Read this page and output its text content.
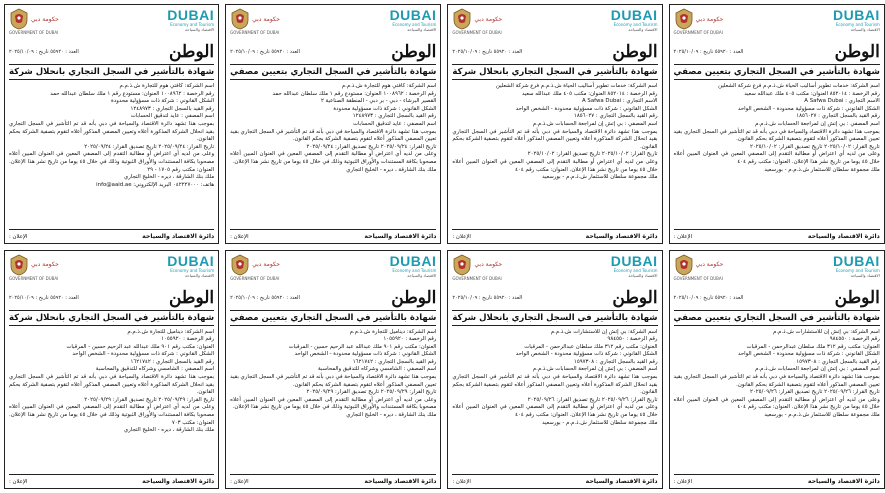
حكومة دبي
GOVERNMENT OF DUBAI
DUBAI
Economy and Tourism
الاقتصاد والسياحة
الوطن
العدد : ٥٥٩٢٠ تاريخ : ٢٠٢٥/١٠/٠٩
شهادة بالتأشير في السجل التجاري بانحلال شركة

اسم الشركة: كافتي هوم للتجارة ش.ذ.م.م

رقم الرخصة : ١٠٠٨٩٦٢ العنوان: مستودع رقم ١ ملك سلطان عبدالله حمد

الشكل القانوني : شركة ذات مسؤولية محدودة

رقم القيد بالسجل التجاري : ١٢٤٨٩٧٣

اسم المصفي : عايد لتدقيق الحسابات

بموجب هذا تشهد دائرة الاقتصاد والسياحة في دبي بأنه قد تم التأشير في السجل التجاري بقيد انحلال الشركة المذكورة أعلاه وتعيين المصفي المذكور أعلاه لتقوم بتصفية الشركة بحكم القانون.

تاريخ القرار: ٢٠٢٥/٠٩/٢٤ تاريخ تصديق القرار: ٢٠٢٥/٠٩/٢٤

وعلى من لديه أي اعتراض أو مطالبة التقدم إلى المصفي المعين في العنوان المبين أعلاه مصحوبا بكافة المستندات والأوراق الثبوتية وذلك في خلال ٤٥ يوما من تاريخ نشر هذا الإعلان. العنوان: مكتب رقم ١٧٠٥ - ٢٩

ملك بنك الشارقة ، ديره - الخليج التجاري

هاتف: ٠٤٢٢٢٧٠٠٠ البريد الإلكتروني: info@aaid.ae

دائرة الاقتصاد والسياحة
الإعلان :
حكومة دبي
GOVERNMENT OF DUBAI
DUBAI
Economy and Tourism
الاقتصاد والسياحة
الوطن
العدد : ٥٥٩٢٠ تاريخ : ٢٠٢٥/١٠/٠٩
شهادة بالتأشير في السجل التجاري بتعيين مصفي

اسم الشركة: كافتي هوم للتجارة ش.ذ.م.م

رقم الرخصة : ١٠٠٨٩٦٢ العنوان: مستودع رقم ١ ملك سلطان عبدالله حمد

القصير البرشاء - دبي - بر دبي - المنطقة الصناعية ٢

الشكل القانوني : شركة ذات مسؤولية محدودة

رقم القيد بالسجل التجاري : ١٢٤٨٩٧٣

اسم المصفي : عايد لتدقيق الحسابات

بموجب هذا تشهد دائرة الاقتصاد والسياحة في دبي بأنه قد تم التأشير في السجل التجاري بقيد تعيين المصفي المذكور أعلاه لتقوم بتصفية الشركة بحكم القانون.

تاريخ القرار: ٢٠٢٥/٠٩/٢٤ تاريخ تصديق القرار: ٢٠٢٥/٠٩/٢٤

وعلى من لديه أي اعتراض أو مطالبة التقدم إلى المصفي المعين في العنوان المبين أعلاه مصحوبا بكافة المستندات والأوراق الثبوتية وذلك في خلال ٤٥ يوما من تاريخ نشر هذا الإعلان.

ملك بنك الشارقة ، ديره - الخليج التجاري

دائرة الاقتصاد والسياحة
الإعلان :
حكومة دبي
GOVERNMENT OF DUBAI
DUBAI
Economy and Tourism
الاقتصاد والسياحة
الوطن
العدد : ٥٥٩٢٠ تاريخ : ٢٠٢٥/١٠/٠٩
شهادة بالتأشير في السجل التجاري بانحلال شركة

اسم الشركة: خدمات تطوير أساليب الحياة ش.ذ.م.م فرع شركة الشعلين

رقم الرخصة : ٨٥٢٠١٤ العنوان: مكتب ٤٠٥ ملك عبدالله سعيد

الاسم التجاري : A Safwa Dubai

الشكل القانوني : شركة ذات مسؤولية محدودة - الشخص الواحد

رقم القيد بالسجل التجاري : ١٨٥٦٠٢٧

اسم المصفي : بي إتش إن لمراجعة الحسابات ش.ذ.م.م

بموجب هذا تشهد دائرة الاقتصاد والسياحة في دبي بأنه قد تم التأشير في السجل التجاري بقيد انحلال الشركة المذكورة أعلاه وتعيين المصفي المذكور أعلاه لتقوم بتصفية الشركة بحكم القانون.

تاريخ القرار: ٢٠٢٥/١٠/٠٢ تاريخ تصديق القرار: ٢٠٢٥/١٠/٠٢

وعلى من لديه أي اعتراض أو مطالبة التقدم إلى المصفي المعين في العنوان المبين أعلاه خلال ٤٥ يوما من تاريخ نشر هذا الإعلان. العنوان: مكتب رقم ٤٠٤

ملك مجموعة سلطان للاستثمار ش.ذ.م.م - بورسعيد

دائرة الاقتصاد والسياحة
الإعلان :
حكومة دبي
GOVERNMENT OF DUBAI
DUBAI
Economy and Tourism
الاقتصاد والسياحة
الوطن
العدد : ٥٥٩٢٠ تاريخ : ٢٠٢٥/١٠/٠٩
شهادة بالتأشير في السجل التجاري بتعيين مصفي

اسم الشركة: خدمات تطوير أساليب الحياة ش.ذ.م.م فرع شركة الشعلين

رقم الرخصة : ٨٥٢٠١٤ العنوان: مكتب ٤٠٥ ملك عبدالله سعيد

الاسم التجاري : A Safwa Dubai

الشكل القانوني : شركة ذات مسؤولية محدودة - الشخص الواحد

رقم القيد بالسجل التجاري : ١٨٥٦٠٢٧

اسم المصفي : بي إتش إن لمراجعة الحسابات ش.ذ.م.م

بموجب هذا تشهد دائرة الاقتصاد والسياحة في دبي بأنه قد تم التأشير في السجل التجاري بقيد تعيين المصفي المذكور أعلاه لتقوم بتصفية الشركة بحكم القانون.

تاريخ القرار: ٢٠٢٥/١٠/٠٢ تاريخ تصديق القرار: ٢٠٢٥/١٠/٠٢

وعلى من لديه أي اعتراض أو مطالبة التقدم إلى المصفي المعين في العنوان المبين أعلاه خلال ٤٥ يوما من تاريخ نشر هذا الإعلان. العنوان: مكتب رقم ٤٠٤

ملك مجموعة سلطان للاستثمار ش.ذ.م.م - بورسعيد

دائرة الاقتصاد والسياحة
الإعلان :
حكومة دبي
GOVERNMENT OF DUBAI
DUBAI
Economy and Tourism
الاقتصاد والسياحة
الوطن
العدد : ٥٥٩٢٠ تاريخ : ٢٠٢٥/١٠/٠٩
شهادة بالتأشير في السجل التجاري بانحلال شركة

اسم الشركة: ديناميل للتجارة ش.ذ.م.م

رقم الرخصة : ١٠٥٥٩٢٠

العنوان: مكتب رقم ٩٠١ ملك عبدالله عبد الرحيم حسين - المرقبات

الشكل القانوني : شركة ذات مسؤولية محدودة - الشخص الواحد

رقم القيد بالسجل التجاري : ١٦٢١٧٤٢

اسم المصفي : الشامسي وشركاه للتدقيق والمحاسبة

بموجب هذا تشهد دائرة الاقتصاد والسياحة في دبي بأنه قد تم التأشير في السجل التجاري بقيد انحلال الشركة المذكورة أعلاه وتعيين المصفي المذكور أعلاه لتقوم بتصفية الشركة بحكم القانون.

تاريخ القرار: ٢٠٢٥/٠٩/٢٩ تاريخ تصديق القرار: ٢٠٢٥/٠٩/٢٩

وعلى من لديه أي اعتراض أو مطالبة التقدم إلى المصفي المعين في العنوان المبين أعلاه مصحوبا بكافة المستندات والأوراق الثبوتية وذلك في خلال ٤٥ يوما من تاريخ نشر هذا الإعلان. العنوان: مكتب ٧٠٣

ملك بنك الشارقة ، ديره - الخليج التجاري

دائرة الاقتصاد والسياحة
الإعلان :
حكومة دبي
GOVERNMENT OF DUBAI
DUBAI
Economy and Tourism
الاقتصاد والسياحة
الوطن
العدد : ٥٥٩٢٠ تاريخ : ٢٠٢٥/١٠/٠٩
شهادة بالتأشير في السجل التجاري بتعيين مصفي

اسم الشركة: ديناميل للتجارة ش.ذ.م.م

رقم الرخصة : ١٠٥٥٩٢٠

العنوان: مكتب رقم ٩٠١ ملك عبدالله عبد الرحيم حسين - المرقبات

الشكل القانوني : شركة ذات مسؤولية محدودة - الشخص الواحد

رقم القيد بالسجل التجاري : ١٦٢١٧٤٢

اسم المصفي : الشامسي وشركاه للتدقيق والمحاسبة

بموجب هذا تشهد دائرة الاقتصاد والسياحة في دبي بأنه قد تم التأشير في السجل التجاري بقيد تعيين المصفي المذكور أعلاه لتقوم بتصفية الشركة بحكم القانون.

تاريخ القرار: ٢٠٢٥/٠٩/٢٩ تاريخ تصديق القرار: ٢٠٢٥/٠٩/٢٩

وعلى من لديه أي اعتراض أو مطالبة التقدم إلى المصفي المعين في العنوان المبين أعلاه مصحوبا بكافة المستندات والأوراق الثبوتية وذلك في خلال ٤٥ يوما من تاريخ نشر هذا الإعلان.

ملك بنك الشارقة ، ديره - الخليج التجاري

دائرة الاقتصاد والسياحة
الإعلان :
حكومة دبي
GOVERNMENT OF DUBAI
DUBAI
Economy and Tourism
الاقتصاد والسياحة
الوطن
العدد : ٥٥٩٢٠ تاريخ : ٢٠٢٥/١٠/٠٩
شهادة بالتأشير في السجل التجاري بانحلال شركة

اسم الشركة: بي إتش إن للاستشارات ش.ذ.م.م

رقم الرخصة : ٩٨٤٥٥٠

العنوان: مكتب رقم ٣١٢ ملك سلطان عبدالرحمن - المرقبات

الشكل القانوني : شركة ذات مسؤولية محدودة - الشخص الواحد

رقم القيد بالسجل التجاري : ١٥٩٧٣٠٨

اسم المصفي : بي إتش إن لمراجعة الحسابات ش.ذ.م.م

بموجب هذا تشهد دائرة الاقتصاد والسياحة في دبي بأنه قد تم التأشير في السجل التجاري بقيد انحلال الشركة المذكورة أعلاه وتعيين المصفي المذكور أعلاه لتقوم بتصفية الشركة بحكم القانون.

تاريخ القرار: ٢٠٢٥/٠٩/٢٦ تاريخ تصديق القرار: ٢٠٢٥/٠٩/٢٦

وعلى من لديه أي اعتراض أو مطالبة التقدم إلى المصفي المعين في العنوان المبين أعلاه خلال ٤٥ يوما من تاريخ نشر هذا الإعلان. العنوان: مكتب رقم ٤٠٤

ملك مجموعة سلطان للاستثمار ش.ذ.م.م - بورسعيد

دائرة الاقتصاد والسياحة
الإعلان :
حكومة دبي
GOVERNMENT OF DUBAI
DUBAI
Economy and Tourism
الاقتصاد والسياحة
الوطن
العدد : ٥٥٩٢٠ تاريخ : ٢٠٢٥/١٠/٠٩
شهادة بالتأشير في السجل التجاري بتعيين مصفي

اسم الشركة: بي إتش إن للاستشارات ش.ذ.م.م

رقم الرخصة : ٩٨٤٥٥٠

العنوان: مكتب رقم ٣١٢ ملك سلطان عبدالرحمن - المرقبات

الشكل القانوني : شركة ذات مسؤولية محدودة - الشخص الواحد

رقم القيد بالسجل التجاري : ١٥٩٧٣٠٨

اسم المصفي : بي إتش إن لمراجعة الحسابات ش.ذ.م.م

بموجب هذا تشهد دائرة الاقتصاد والسياحة في دبي بأنه قد تم التأشير في السجل التجاري بقيد تعيين المصفي المذكور أعلاه لتقوم بتصفية الشركة بحكم القانون.

تاريخ القرار: ٢٠٢٥/٠٩/٢٦ تاريخ تصديق القرار: ٢٠٢٥/٠٩/٢٦

وعلى من لديه أي اعتراض أو مطالبة التقدم إلى المصفي المعين في العنوان المبين أعلاه خلال ٤٥ يوما من تاريخ نشر هذا الإعلان. العنوان: مكتب رقم ٤٠٤

ملك مجموعة سلطان للاستثمار ش.ذ.م.م - بورسعيد

دائرة الاقتصاد والسياحة
الإعلان :
